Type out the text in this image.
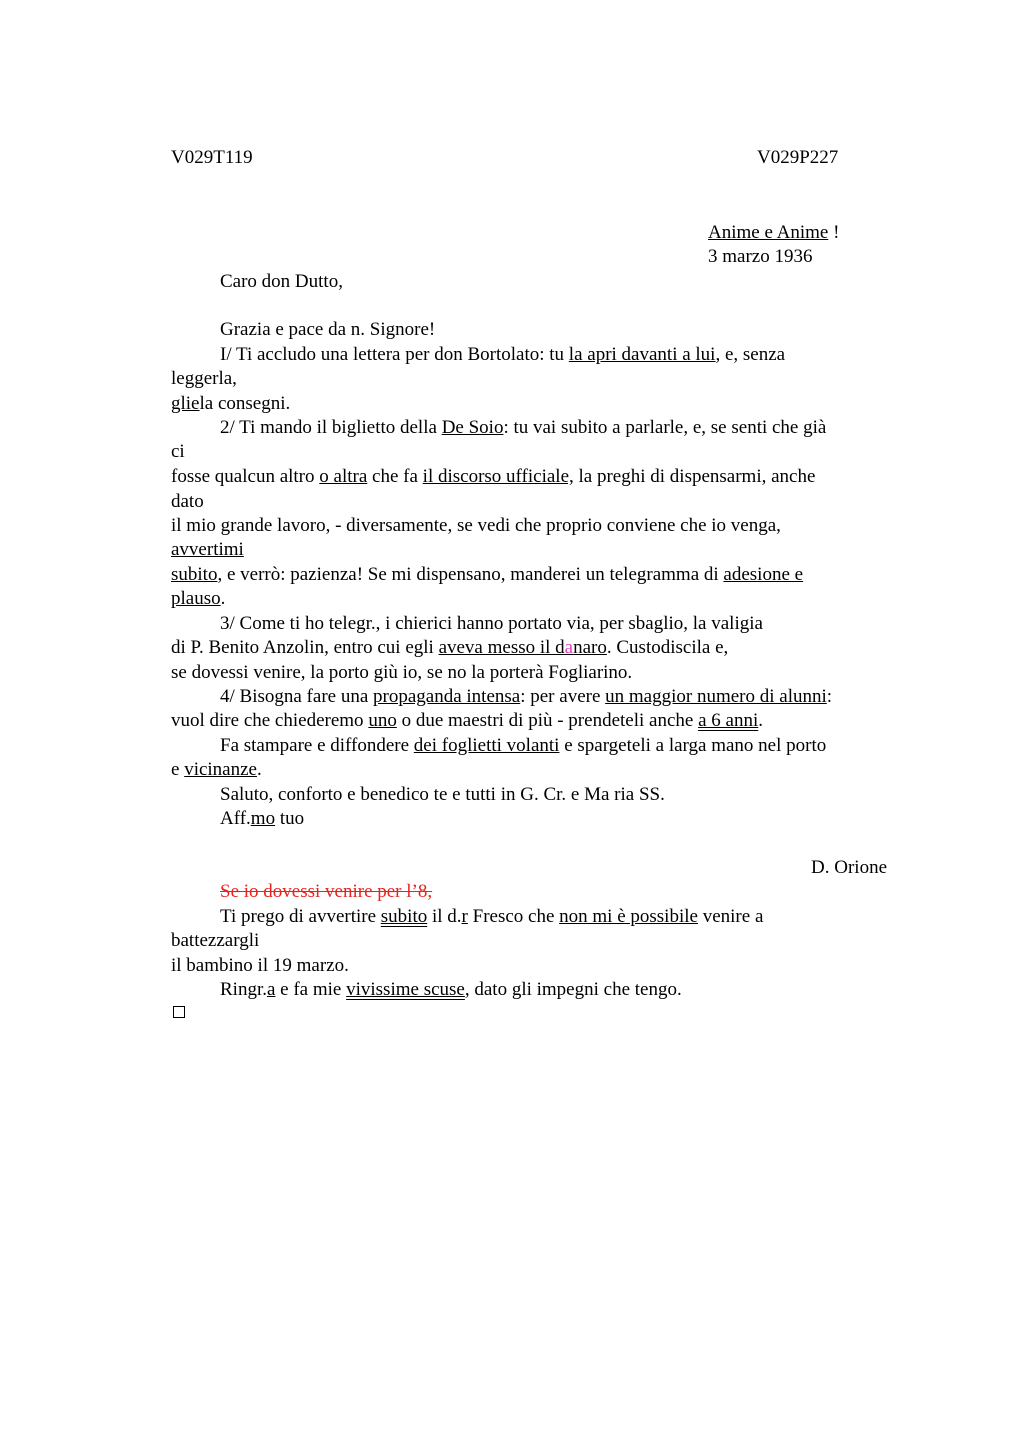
V029T119	V029P227
Anime e Anime !
3 marzo 1936
Caro don Dutto,
Grazia e pace da n. Signore!
I/ Ti accludo una lettera per don Bortolato: tu la apri davanti a lui, e, senza
leggerla,
gliela consegni.
2/ Ti mando il biglietto della De Soio: tu vai subito a parlarle, e, se senti che già
ci
fosse qualcun altro o altra che fa il discorso ufficiale, la preghi di dispensarmi, anche
dato
il mio grande lavoro, - diversamente, se vedi che proprio conviene che io venga,
avvertimi
subito, e verrò: pazienza! Se mi dispensano, manderei un telegramma di adesione e
plauso.
3/ Come ti ho telegr., i chierici hanno portato via, per sbaglio, la valigia
di P. Benito Anzolin, entro cui egli aveva messo il danaro. Custodiscila e,
se dovessi venire, la porto giù io, se no la porterà Fogliarino.
4/ Bisogna fare una propaganda intensa: per avere un maggior numero di alunni:
vuol dire che chiederemo uno o due maestri di più - prendeteli anche a 6 anni.
Fa stampare e diffondere dei foglietti volanti e spargeteli a larga mano nel porto
e vicinanze.
Saluto, conforto e benedico te e tutti in G. Cr. e Ma ria SS.
Aff.mo tuo
D. Orione
Se io dovessi venire per l’8,
Ti prego di avvertire subito il d.r Fresco che non mi è possibile venire a
battezzargli
il bambino il 19 marzo.
Ringr.a e fa mie vivissime scuse, dato gli impegni che tengo.
